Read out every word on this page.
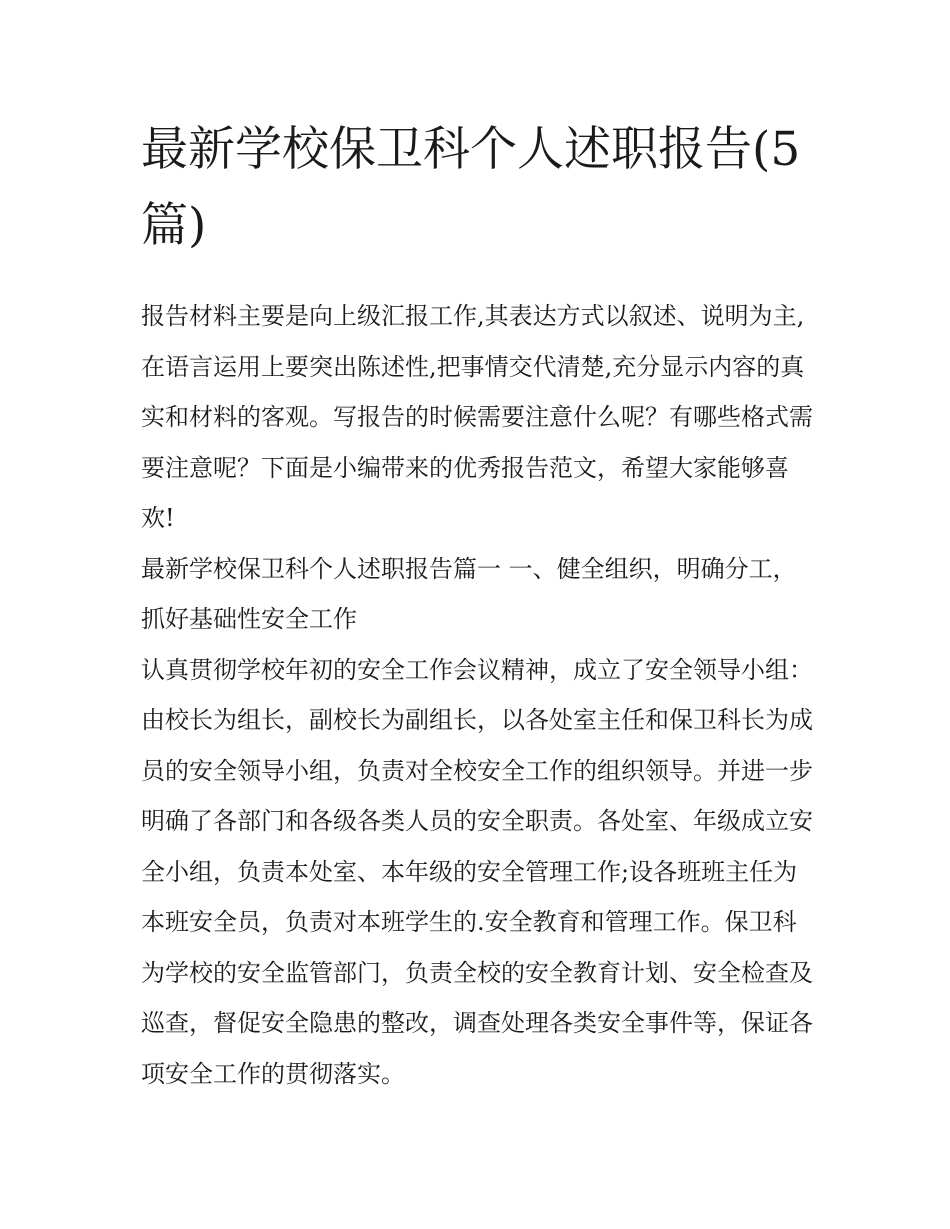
最新学校保卫科个人述职报告(5篇)

报告材料主要是向上级汇报工作,其表达方式以叙述、说明为主,在语言运用上要突出陈述性,把事情交代清楚,充分显示内容的真实和材料的客观。写报告的时候需要注意什么呢？有哪些格式需要注意呢？下面是小编带来的优秀报告范文，希望大家能够喜欢!

最新学校保卫科个人述职报告篇一 一、健全组织，明确分工，抓好基础性安全工作

认真贯彻学校年初的安全工作会议精神，成立了安全领导小组：由校长为组长，副校长为副组长，以各处室主任和保卫科长为成员的安全领导小组，负责对全校安全工作的组织领导。并进一步明确了各部门和各级各类人员的安全职责。各处室、年级成立安全小组，负责本处室、本年级的安全管理工作;设各班班主任为本班安全员，负责对本班学生的.安全教育和管理工作。保卫科为学校的安全监管部门，负责全校的安全教育计划、安全检查及巡查，督促安全隐患的整改，调查处理各类安全事件等，保证各项安全工作的贯彻落实。
